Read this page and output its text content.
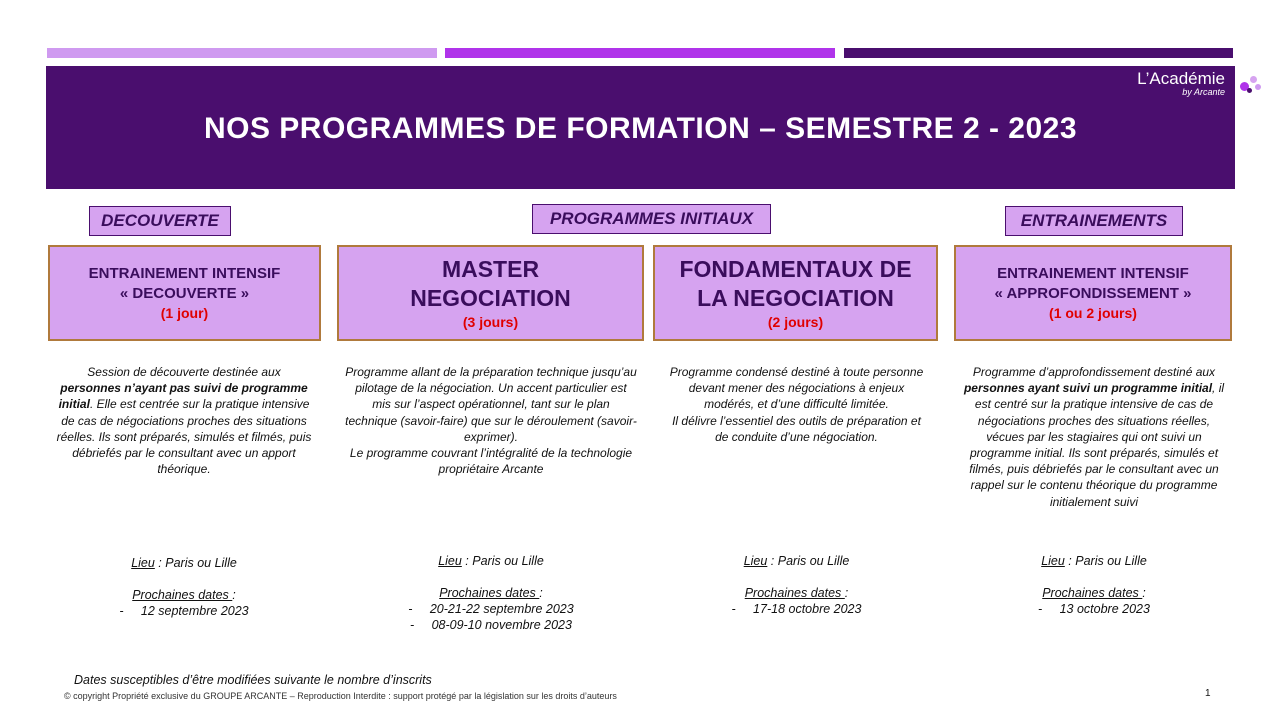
NOS PROGRAMMES DE FORMATION – SEMESTRE 2 - 2023
L’Académie
by Arcante
DECOUVERTE	PROGRAMMES INITIAUX	ENTRAINEMENTS
ENTRAINEMENT INTENSIF
« DECOUVERTE »
(1 jour)
MASTER
NEGOCIATION
(3 jours)
FONDAMENTAUX DE
LA NEGOCIATION
(2 jours)
ENTRAINEMENT INTENSIF
« APPROFONDISSEMENT »
(1 ou 2 jours)
Session de découverte destinée aux personnes n’ayant pas suivi de programme initial. Elle est centrée sur la pratique intensive de cas de négociations proches des situations réelles. Ils sont préparés, simulés et filmés, puis débriefés par le consultant avec un apport théorique.
Programme allant de la préparation technique jusqu’au pilotage de la négociation. Un accent particulier est mis sur l’aspect opérationnel, tant sur le plan technique (savoir-faire) que sur le déroulement (savoir-exprimer).
Le programme couvrant l’intégralité de la technologie propriétaire Arcante
Programme condensé destiné à toute personne devant mener des négociations à enjeux modérés, et d’une difficulté limitée.
Il délivre l’essentiel des outils de préparation et de conduite d’une négociation.
Programme d’approfondissement destiné aux personnes ayant suivi un programme initial, il est centré sur la pratique intensive de cas de négociations proches des situations réelles, vécues par les stagiaires qui ont suivi un programme initial. Ils sont préparés, simulés et filmés, puis débriefés par le consultant avec un rappel sur le contenu théorique du programme initialement suivi
Lieu : Paris ou Lille
Prochaines dates :
-     12 septembre 2023
Lieu : Paris ou Lille
Prochaines dates :
-     20-21-22 septembre 2023
-     08-09-10 novembre 2023
Lieu : Paris ou Lille
Prochaines dates :
-     17-18 octobre 2023
Lieu : Paris ou Lille
Prochaines dates :
-     13 octobre 2023
Dates susceptibles d’être modifiées suivante le nombre d’inscrits
© copyright Propriété exclusive du GROUPE ARCANTE – Reproduction Interdite : support protégé par la législation sur les droits d’auteurs	1
